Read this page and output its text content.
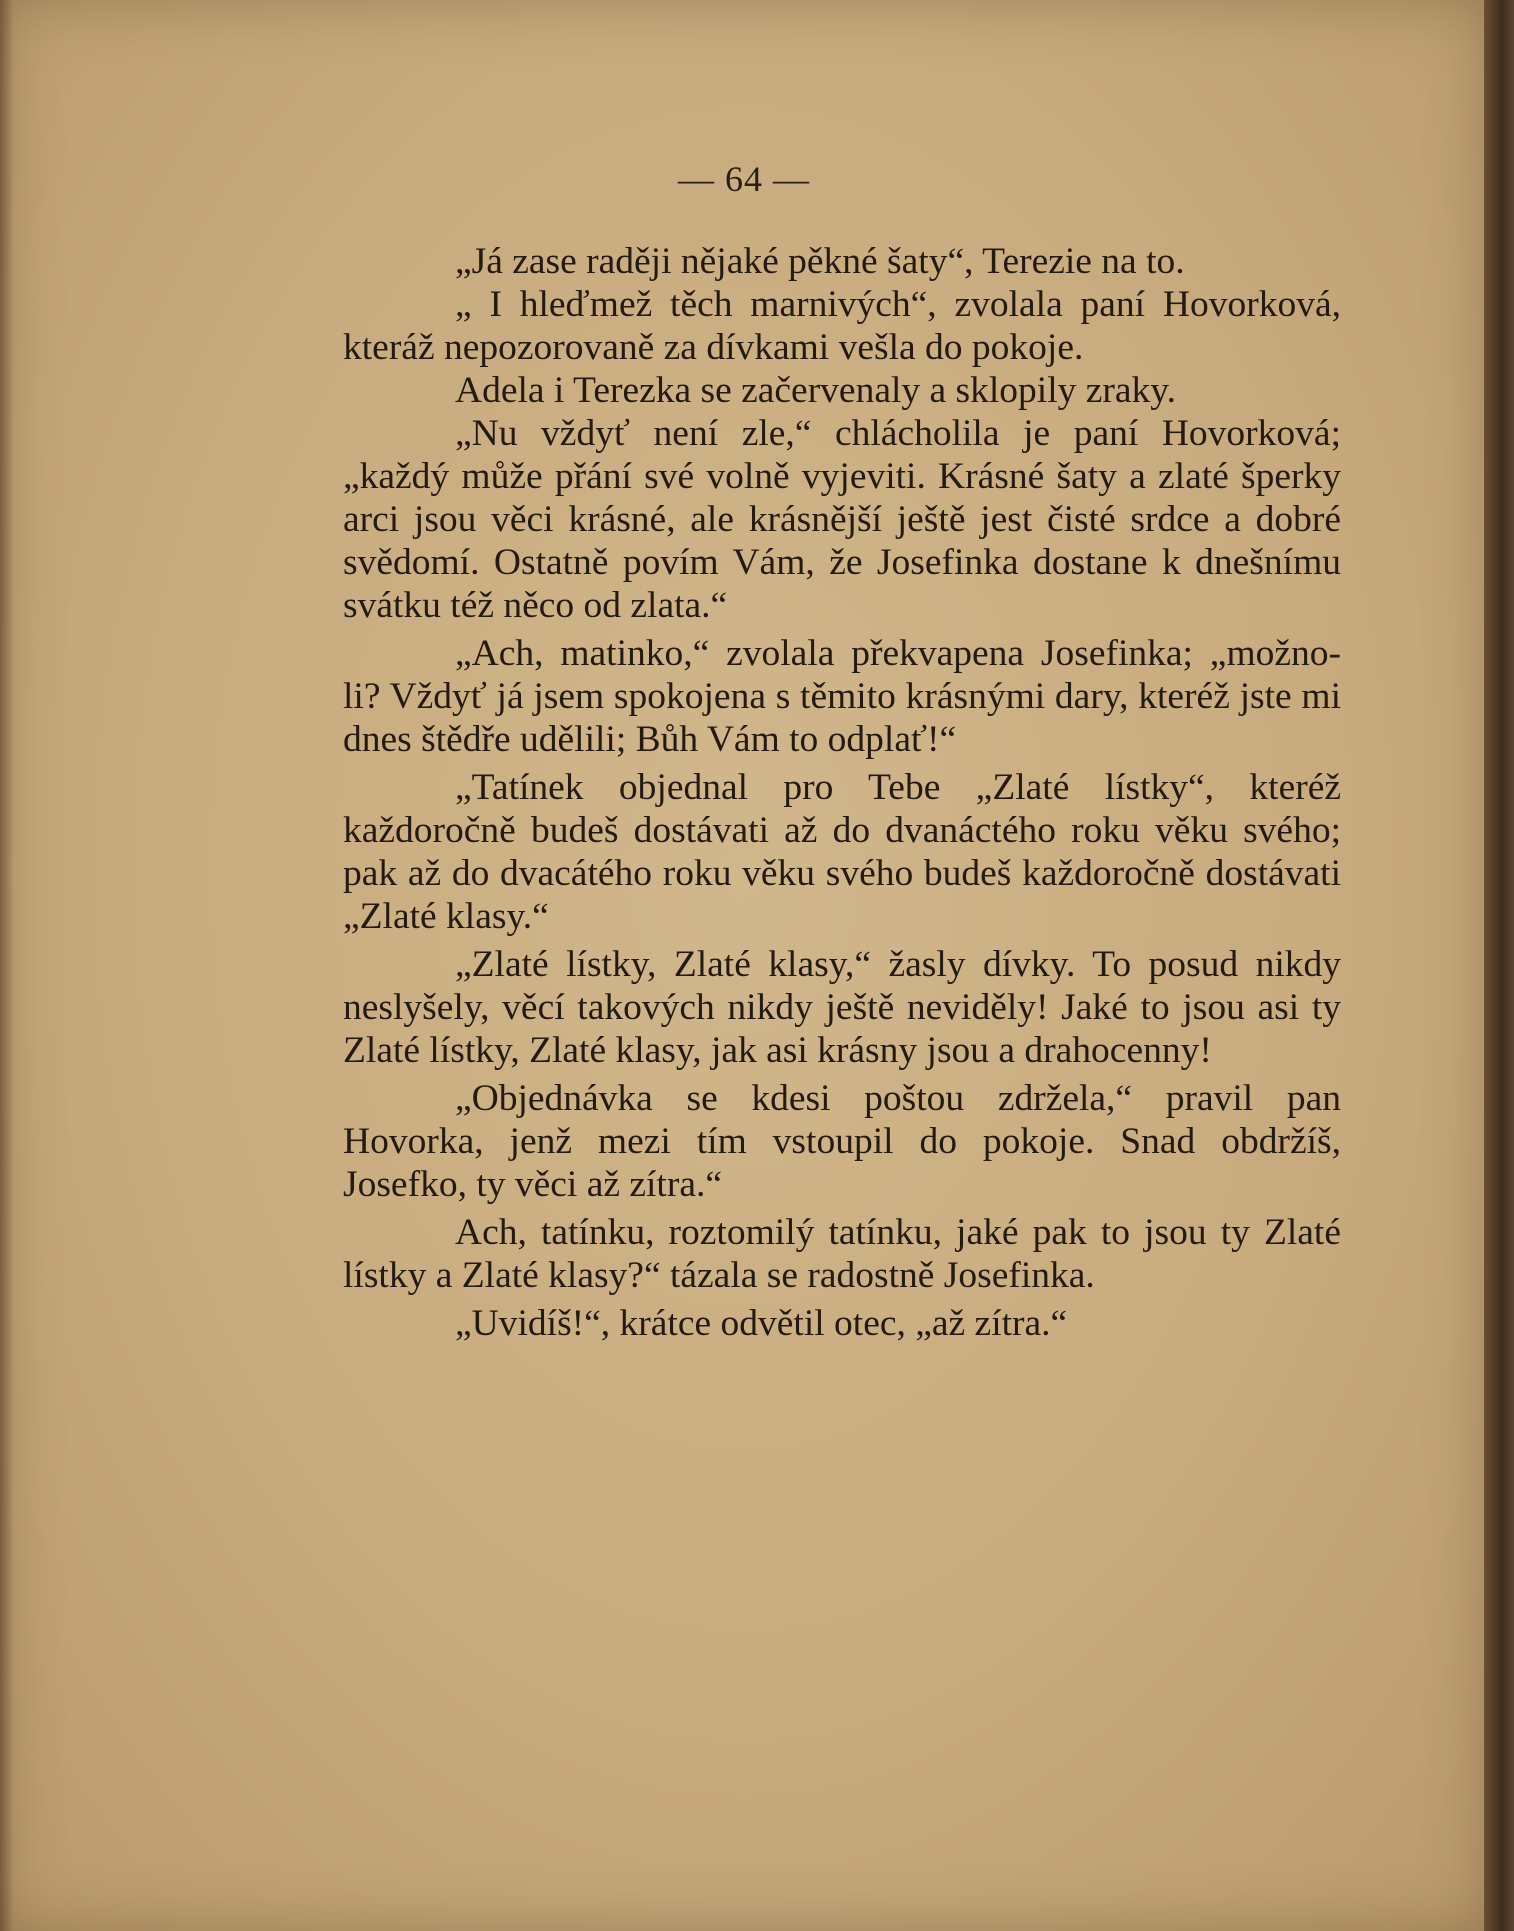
— 64 —

„Já zase raději nějaké pěkné šaty“, Terezie na to.

„ I hleďmež těch marnivých“, zvolala paní Hovorková, kteráž nepozorovaně za dívkami vešla do pokoje.

Adela i Terezka se začervenaly a sklopily zraky.

„Nu vždyť není zle,“ chlácholila je paní Hovorková; „každý může přání své volně vyjeviti. Krásné šaty a zlaté šperky arci jsou věci krásné, ale krásnější ještě jest čisté srdce a dobré svědomí. Ostatně povím Vám, že Josefinka dostane k dnešnímu svátku též něco od zlata.“

„Ach, matinko,“ zvolala překvapena Josefinka; „možno-li? Vždyť já jsem spokojena s těmito krásnými dary, kteréž jste mi dnes štědře udělili; Bůh Vám to odplať!“

„Tatínek objednal pro Tebe „Zlaté lístky“, kteréž každoročně budeš dostávati až do dvanáctého roku věku svého; pak až do dvacátého roku věku svého budeš každoročně dostávati „Zlaté klasy.“

„Zlaté lístky, Zlaté klasy,“ žasly dívky. To posud nikdy neslyšely, věcí takových nikdy ještě neviděly! Jaké to jsou asi ty Zlaté lístky, Zlaté klasy, jak asi krásny jsou a drahocenny!

„Objednávka se kdesi poštou zdržela,“ pravil pan Hovorka, jenž mezi tím vstoupil do pokoje. Snad obdržíš, Josefko, ty věci až zítra.“

Ach, tatínku, roztomilý tatínku, jaké pak to jsou ty Zlaté lístky a Zlaté klasy?“ tázala se radostně Josefinka.

„Uvidíš!“, krátce odvětil otec, „až zítra.“
